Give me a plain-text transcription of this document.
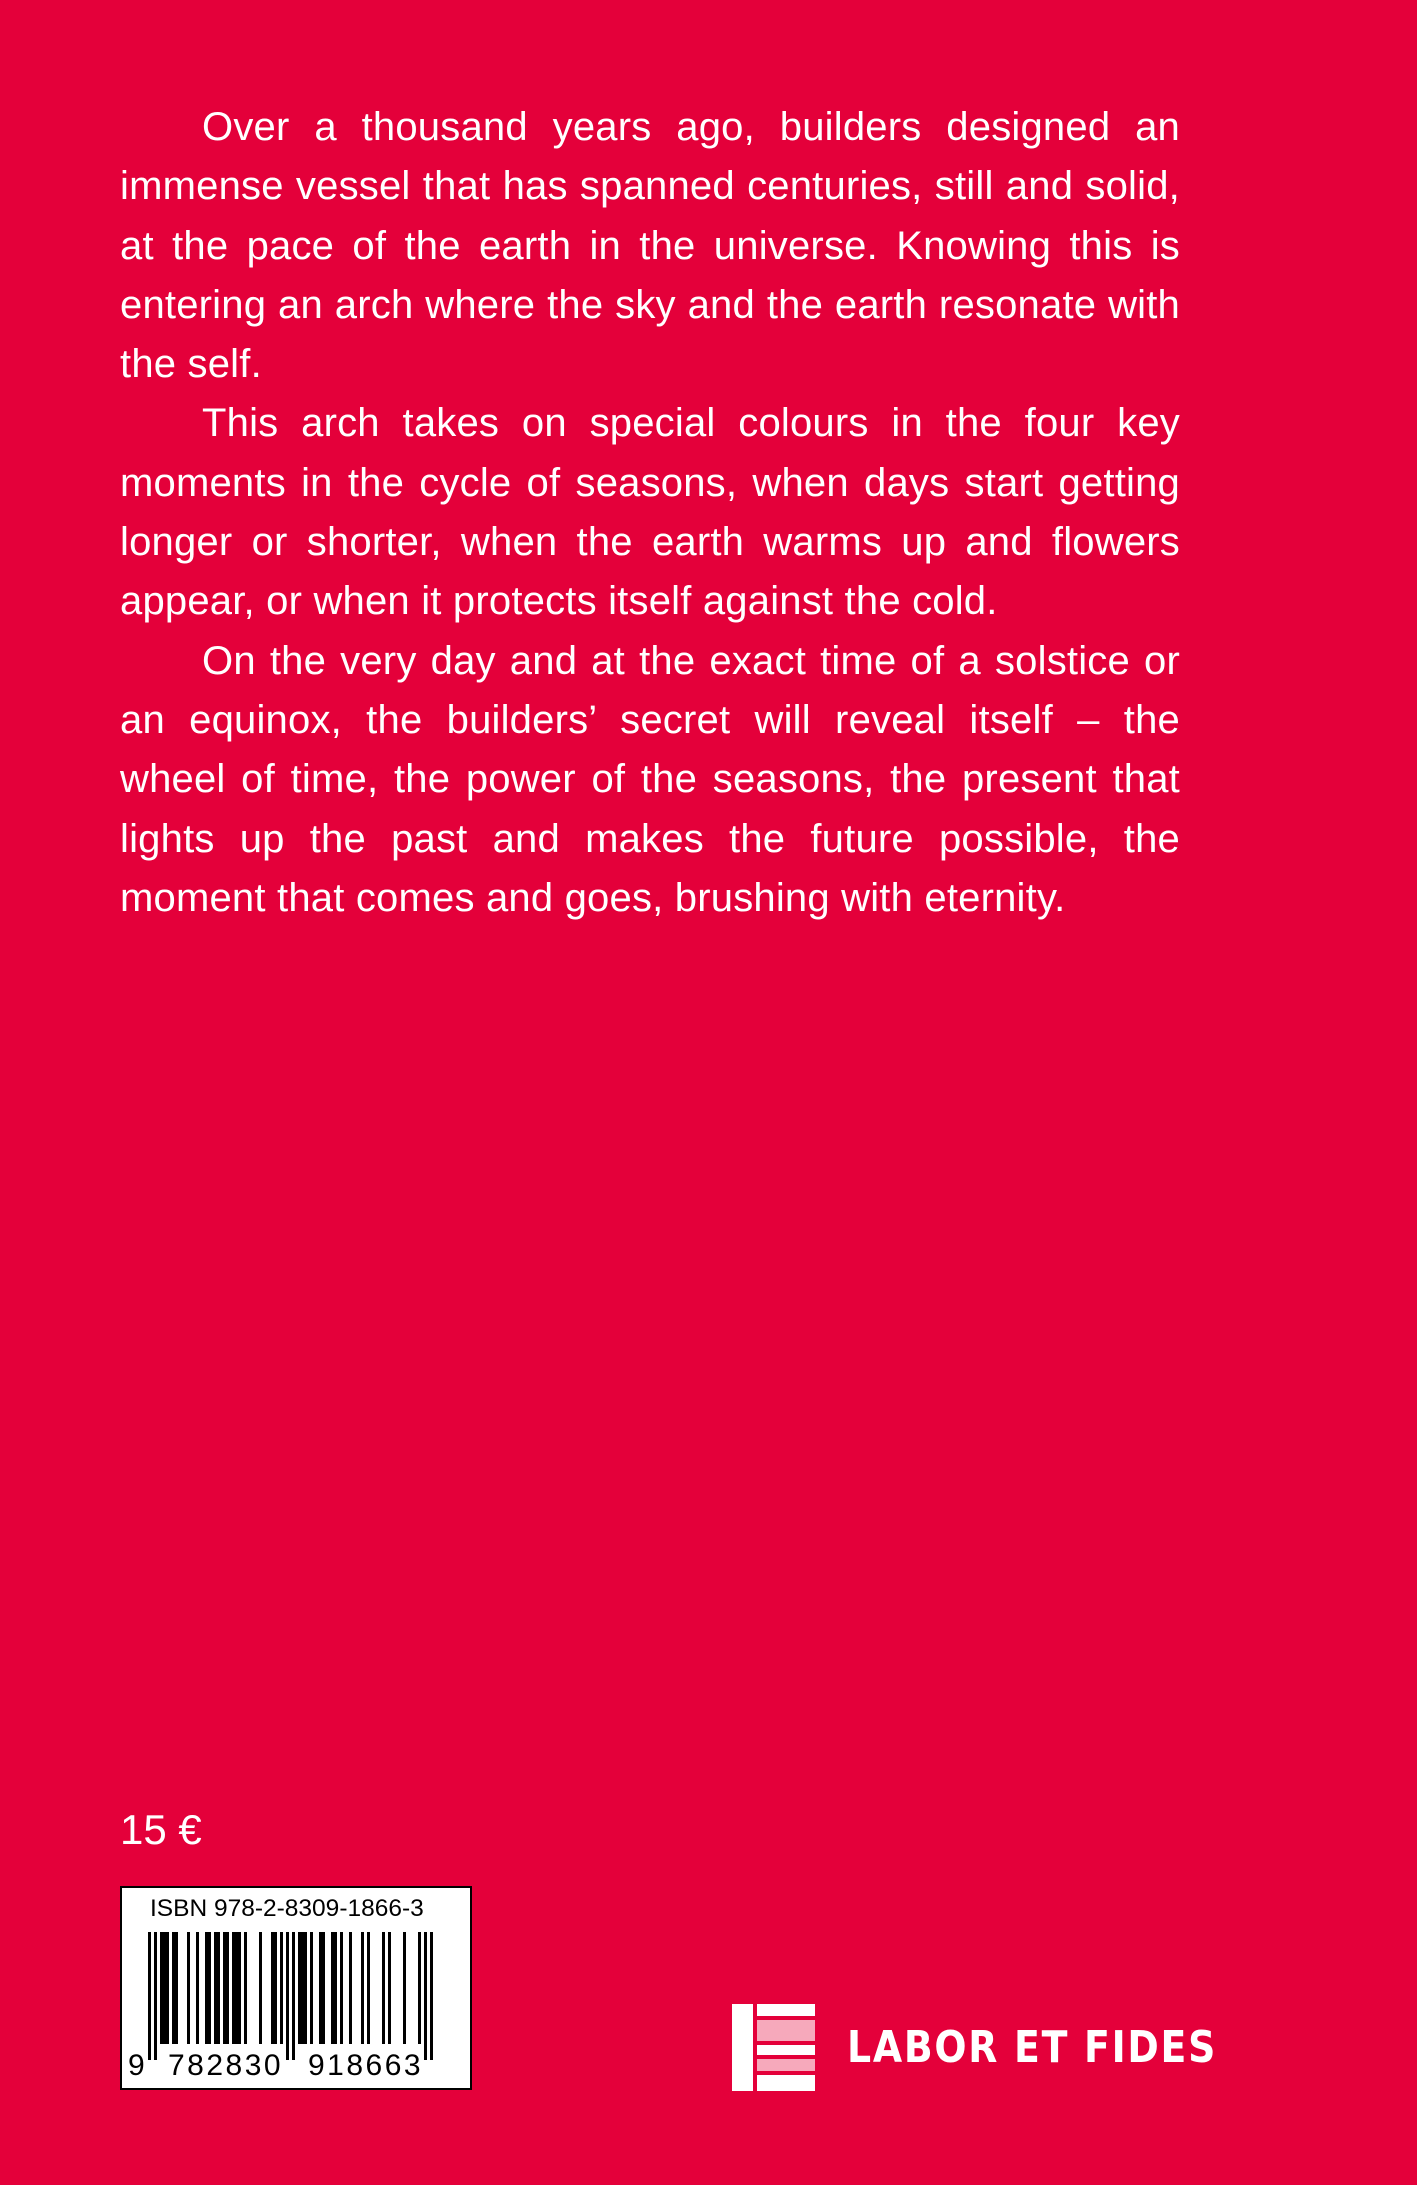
Over a thousand years ago, builders designed an immense vessel that has spanned centuries, still and solid, at the pace of the earth in the universe. Knowing this is entering an arch where the sky and the earth resonate with the self.

This arch takes on special colours in the four key moments in the cycle of seasons, when days start getting longer or shorter, when the earth warms up and flowers appear, or when it protects itself against the cold.

On the very day and at the exact time of a solstice or an equinox, the builders’ secret will reveal itself – the wheel of time, the power of the seasons, the present that lights up the past and makes the future possible, the moment that comes and goes, brushing with eternity.

15 €
ISBN 978-2-8309-1866-3
9 782830 918663	LABOR ET FIDES
